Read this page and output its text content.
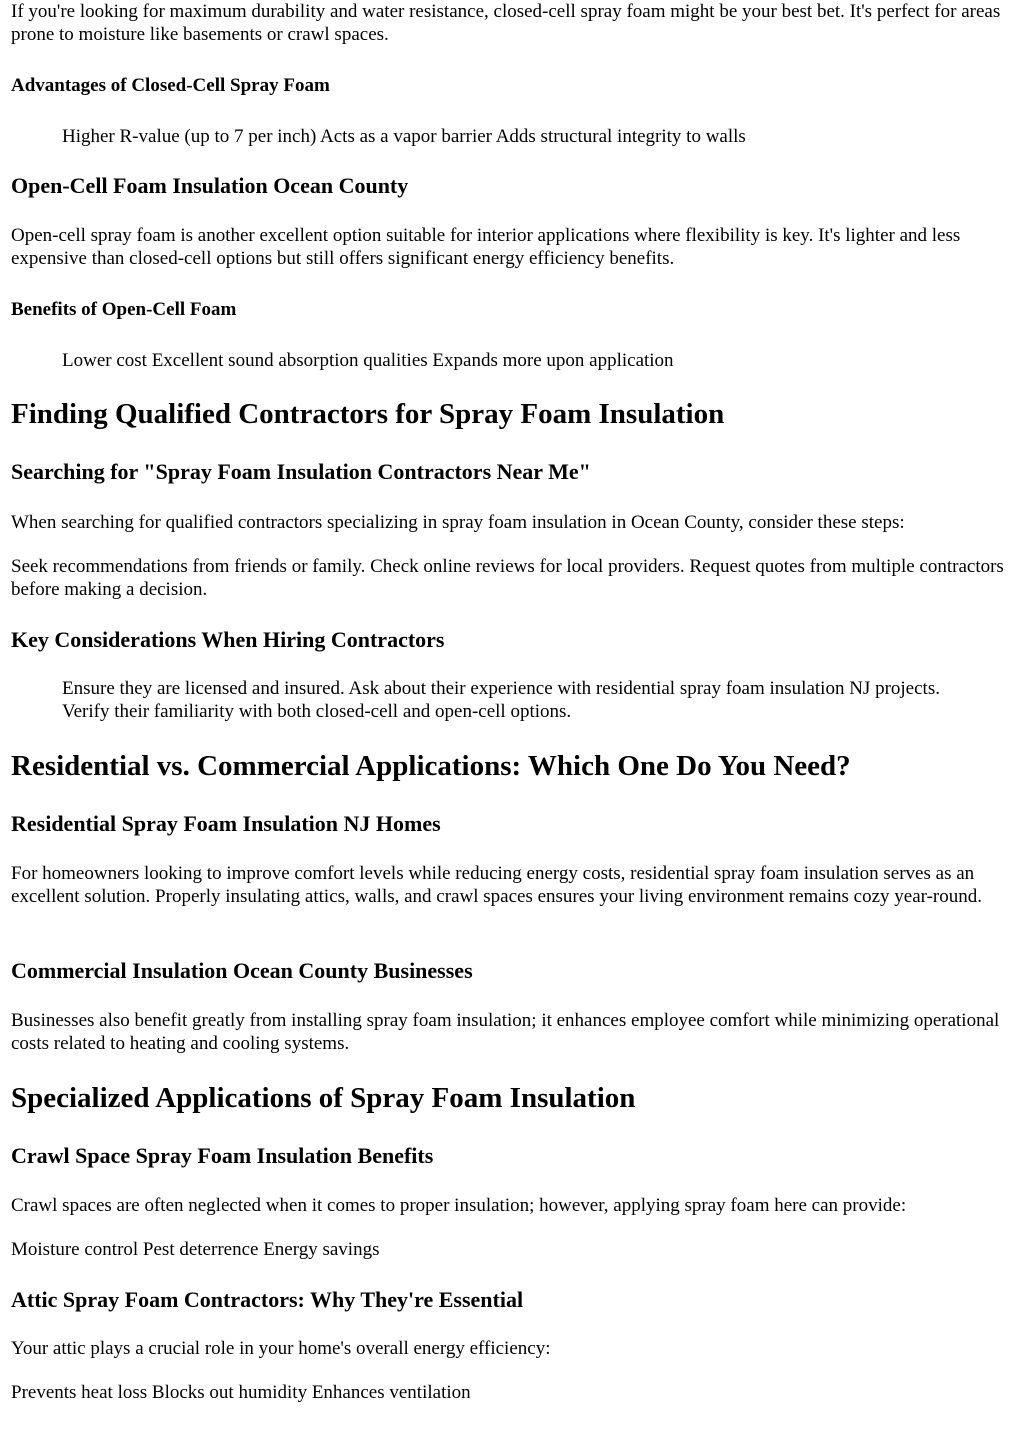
If you're looking for maximum durability and water resistance, closed-cell spray foam might be your best bet. It's perfect for areas prone to moisture like basements or crawl spaces.

Advantages of Closed-Cell Spray Foam

Higher R-value (up to 7 per inch) Acts as a vapor barrier Adds structural integrity to walls

Open-Cell Foam Insulation Ocean County

Open-cell spray foam is another excellent option suitable for interior applications where flexibility is key. It's lighter and less expensive than closed-cell options but still offers significant energy efficiency benefits.

Benefits of Open-Cell Foam

Lower cost Excellent sound absorption qualities Expands more upon application

Finding Qualified Contractors for Spray Foam Insulation
Searching for "Spray Foam Insulation Contractors Near Me"

When searching for qualified contractors specializing in spray foam insulation in Ocean County, consider these steps:

Seek recommendations from friends or family. Check online reviews for local providers. Request quotes from multiple contractors before making a decision.

Key Considerations When Hiring Contractors

Ensure they are licensed and insured. Ask about their experience with residential spray foam insulation NJ projects. Verify their familiarity with both closed-cell and open-cell options.

Residential vs. Commercial Applications: Which One Do You Need?
Residential Spray Foam Insulation NJ Homes

For homeowners looking to improve comfort levels while reducing energy costs, residential spray foam insulation serves as an excellent solution. Properly insulating attics, walls, and crawl spaces ensures your living environment remains cozy year-round.

Commercial Insulation Ocean County Businesses

Businesses also benefit greatly from installing spray foam insulation; it enhances employee comfort while minimizing operational costs related to heating and cooling systems.

Specialized Applications of Spray Foam Insulation
Crawl Space Spray Foam Insulation Benefits

Crawl spaces are often neglected when it comes to proper insulation; however, applying spray foam here can provide:

Moisture control Pest deterrence Energy savings

Attic Spray Foam Contractors: Why They're Essential

Your attic plays a crucial role in your home's overall energy efficiency:

Prevents heat loss Blocks out humidity Enhances ventilation
